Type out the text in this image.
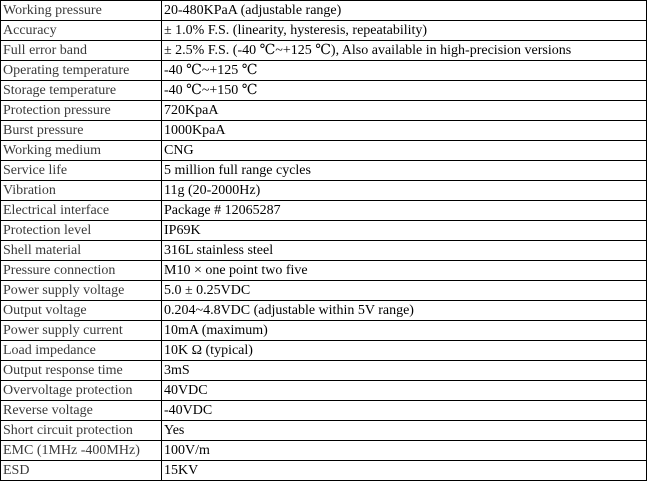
Working pressure	20-480KPaA (adjustable range)
Accuracy	± 1.0% F.S. (linearity, hysteresis, repeatability)
Full error band	± 2.5% F.S. (-40 ℃~+125 ℃), Also available in high-precision versions
Operating temperature	-40 ℃~+125 ℃
Storage temperature	-40 ℃~+150 ℃
Protection pressure	720KpaA
Burst pressure	1000KpaA
Working medium	CNG
Service life	5 million full range cycles
Vibration	11g (20-2000Hz)
Electrical interface	Package # 12065287
Protection level	IP69K
Shell material	316L stainless steel
Pressure connection	M10 × one point two five
Power supply voltage	5.0 ± 0.25VDC
Output voltage	0.204~4.8VDC (adjustable within 5V range)
Power supply current	10mA (maximum)
Load impedance	10K Ω (typical)
Output response time	3mS
Overvoltage protection	40VDC
Reverse voltage	-40VDC
Short circuit protection	Yes
EMC (1MHz -400MHz)	100V/m
ESD	15KV
